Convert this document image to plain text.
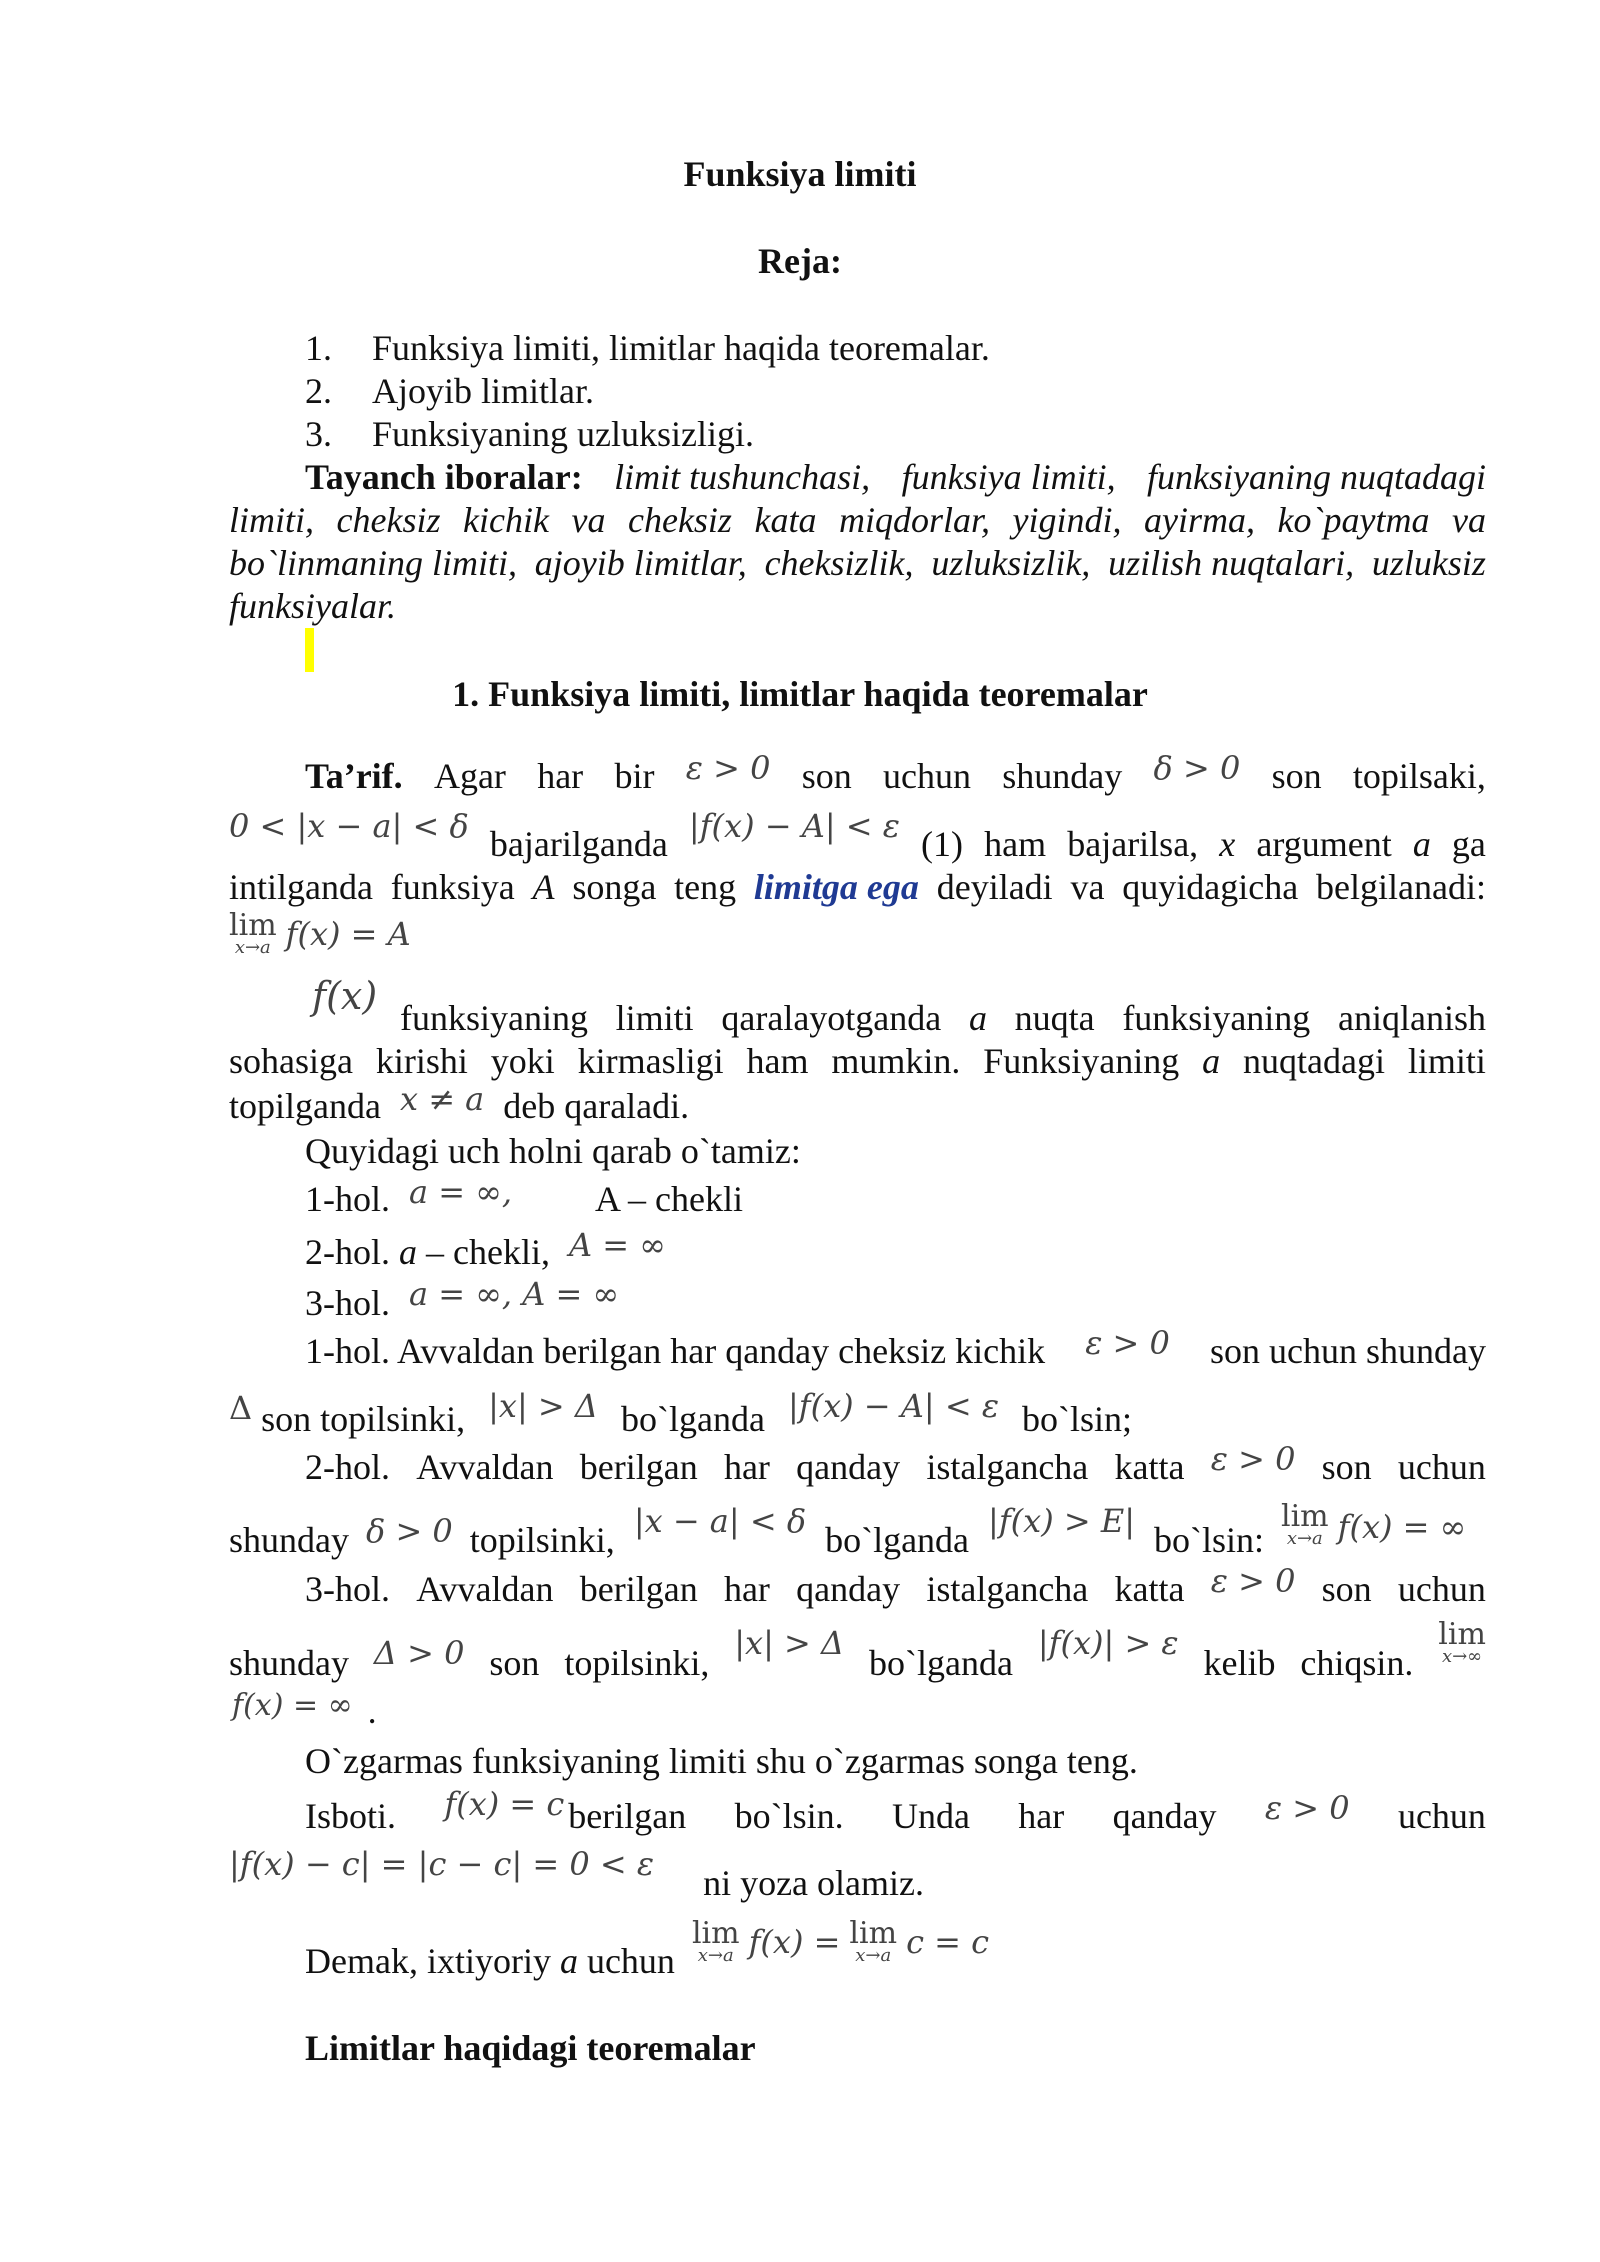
Funksiya limiti
Reja:
1. Funksiya limiti, limitlar haqida teoremalar.
2. Ajoyib limitlar.
3. Funksiyaning uzluksizligi.
Tayanch iboralar: limit tushunchasi, funksiya limiti, funksiyaning nuqtadagi
limiti, cheksiz kichik va cheksiz kata miqdorlar, yigindi, ayirma, ko`paytma va
bo`linmaning limiti, ajoyib limitlar, cheksizlik, uzluksizlik, uzilish nuqtalari, uzluksiz
funksiyalar.
1. Funksiya limiti, limitlar haqida teoremalar
Ta’rif. Agar har bir ε > 0 son uchun shunday δ > 0 son topilsaki,
0 < |x − a| < δ bajarilganda |f(x) − A| < ε (1) ham bajarilsa, x argument a ga
intilganda funksiya A songa teng limitga ega deyiladi va quyidagicha belgilanadi:
lim
x→a f(x) = A
f(x) funksiyaning limiti qaralayotganda a nuqta funksiyaning aniqlanish
sohasiga kirishi yoki kirmasligi ham mumkin. Funksiyaning a nuqtadagi limiti
topilganda x ≠ a deb qaraladi.
Quyidagi uch holni qarab o`tamiz:
1-hol. a = ∞, A – chekli
2-hol. a – chekli, A = ∞
3-hol. a = ∞, A = ∞
1-hol. Avvaldan berilgan har qanday cheksiz kichik ε > 0 son uchun shunday
Δ son topilsinki, |x| > Δ bo`lganda |f(x) − A| < ε bo`lsin;
2-hol. Avvaldan berilgan har qanday istalgancha katta ε > 0 son uchun
shunday δ > 0 topilsinki, |x − a| < δ bo`lganda |f(x) > E| bo`lsin:
lim
x→a f(x) = ∞
3-hol. Avvaldan berilgan har qanday istalgancha katta ε > 0 son uchun
shunday Δ > 0 son topilsinki, |x| > Δ bo`lganda |f(x)| > ε kelib chiqsin.
lim
x→∞
f(x) = ∞ .
O`zgarmas funksiyaning limiti shu o`zgarmas songa teng.
Isboti. f(x) = c berilgan bo`lsin. Unda har qanday ε > 0 uchun
|f(x) − c| = |c − c| = 0 < ε ni yoza olamiz.
Demak, ixtiyoriy a uchun
lim
x→a f(x) = lim
x→a c = c
Limitlar haqidagi teoremalar
